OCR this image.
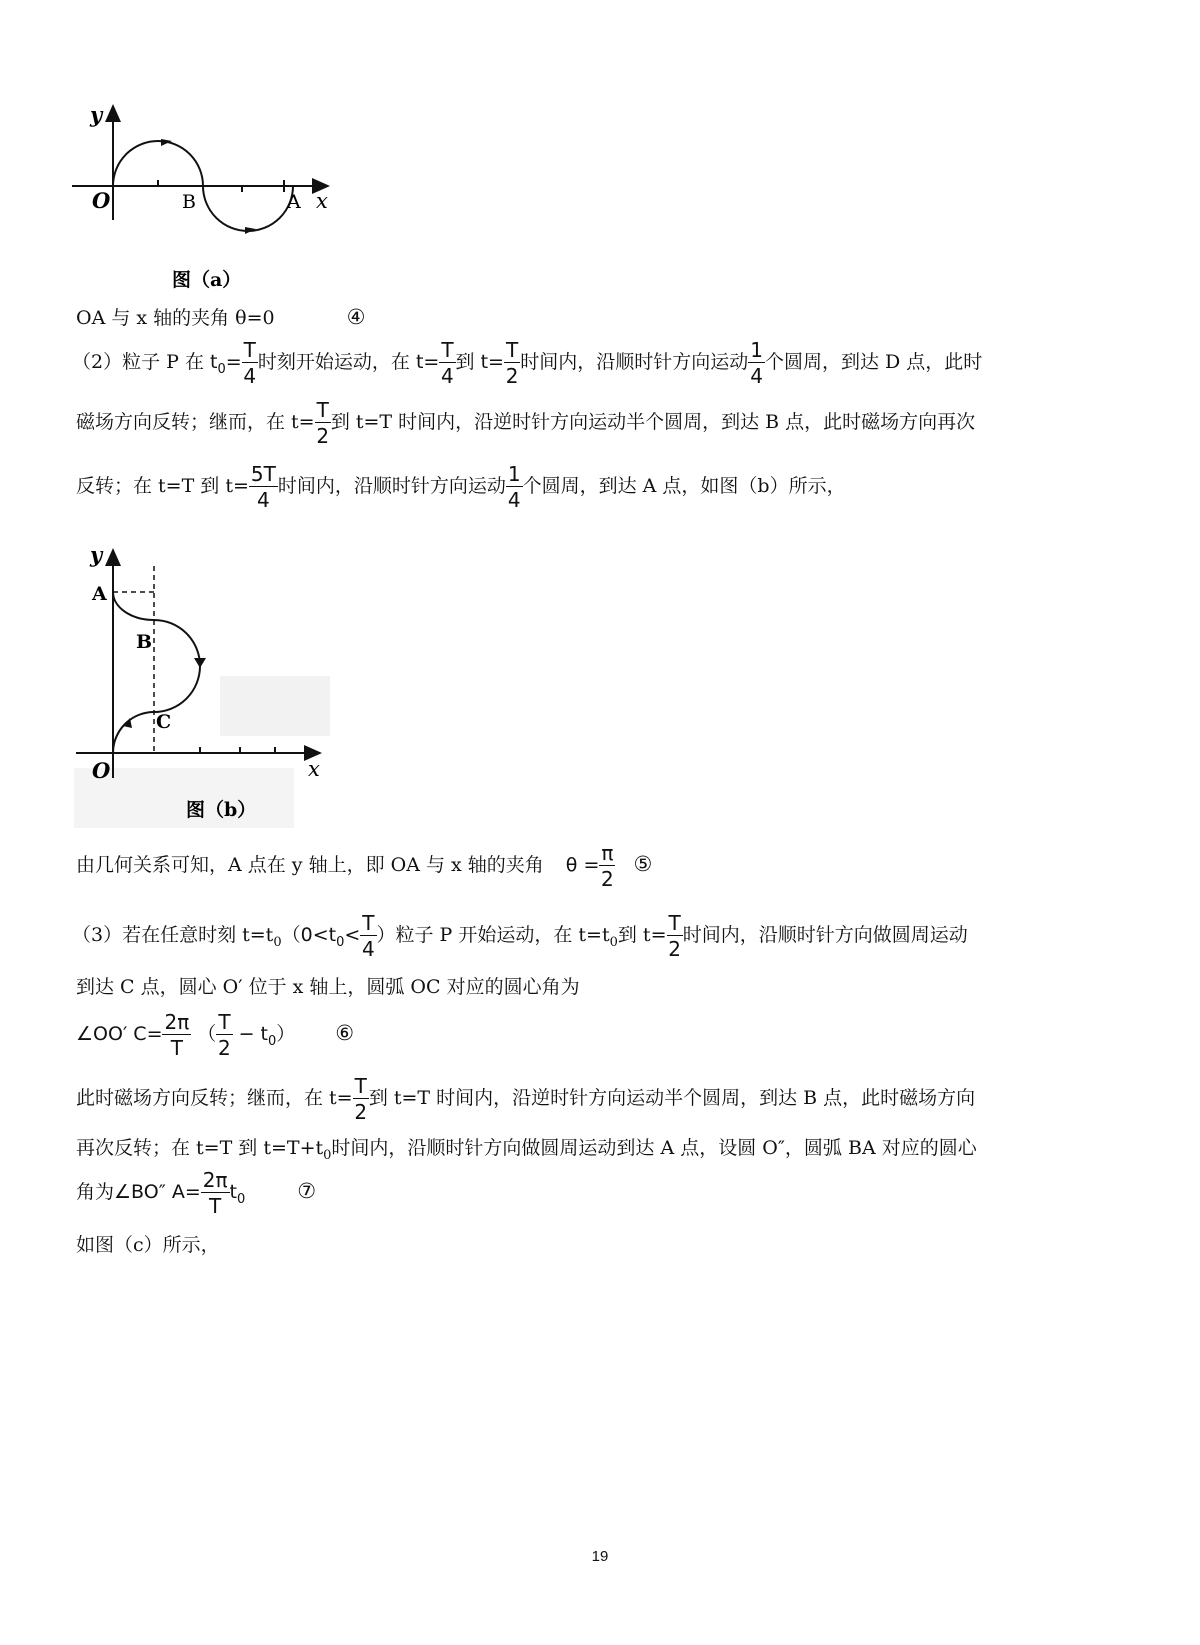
y
x
O	B	A
图（a）
OA 与 x 轴的夹角 θ=0	④
（2）粒子 P 在 $t_0= \frac{T}{4}$ 时刻开始运动，在 $t= \frac{T}{4}$ 到 $t= \frac{T}{2}$ 时间内，沿顺时针方向运动 $\frac{1}{4}$ 个圆周，到达 D 点，此时
磁场方向反转；继而，在 $t= \frac{T}{2}$ 到 t=T 时间内，沿逆时针方向运动半个圆周，到达 B 点，此时磁场方向再次
反转；在 t=T 到 $t= \frac{5T}{4}$ 时间内，沿顺时针方向运动 $\frac{1}{4}$ 个圆周，到达 A 点，如图（b）所示，
y
x
O
A
B
C
图（b）
由几何关系可知，A 点在 y 轴上，即 OA 与 x 轴的夹角 $\theta = \frac{\pi}{2}$ ⑤
（3）若在任意时刻 $t=t_0(0<t_0< \frac{T}{4}$ ）粒子 P 开始运动，在 $t=t_0$到 $t= \frac{T}{2}$ 时间内，沿顺时针方向做圆周运动
到达 C 点，圆心 O′ 位于 x 轴上，圆弧 OC 对应的圆心角为
∠OO′ $C= \frac{2\pi}{T}$ （ $\frac{T}{2} - t_0$） ⑥
此时磁场方向反转；继而，在 $t= \frac{T}{2}$ 到 t=T 时间内，沿逆时针方向运动半个圆周，到达 B 点，此时磁场方向
再次反转；在 t=T 到 $t=T+t_0$时间内，沿顺时针方向做圆周运动到达 A 点，设圆 O″，圆弧 BA 对应的圆心
角为∠BO″ $A= \frac{2\pi}{T} t_0$ ⑦
如图（c）所示，
19
